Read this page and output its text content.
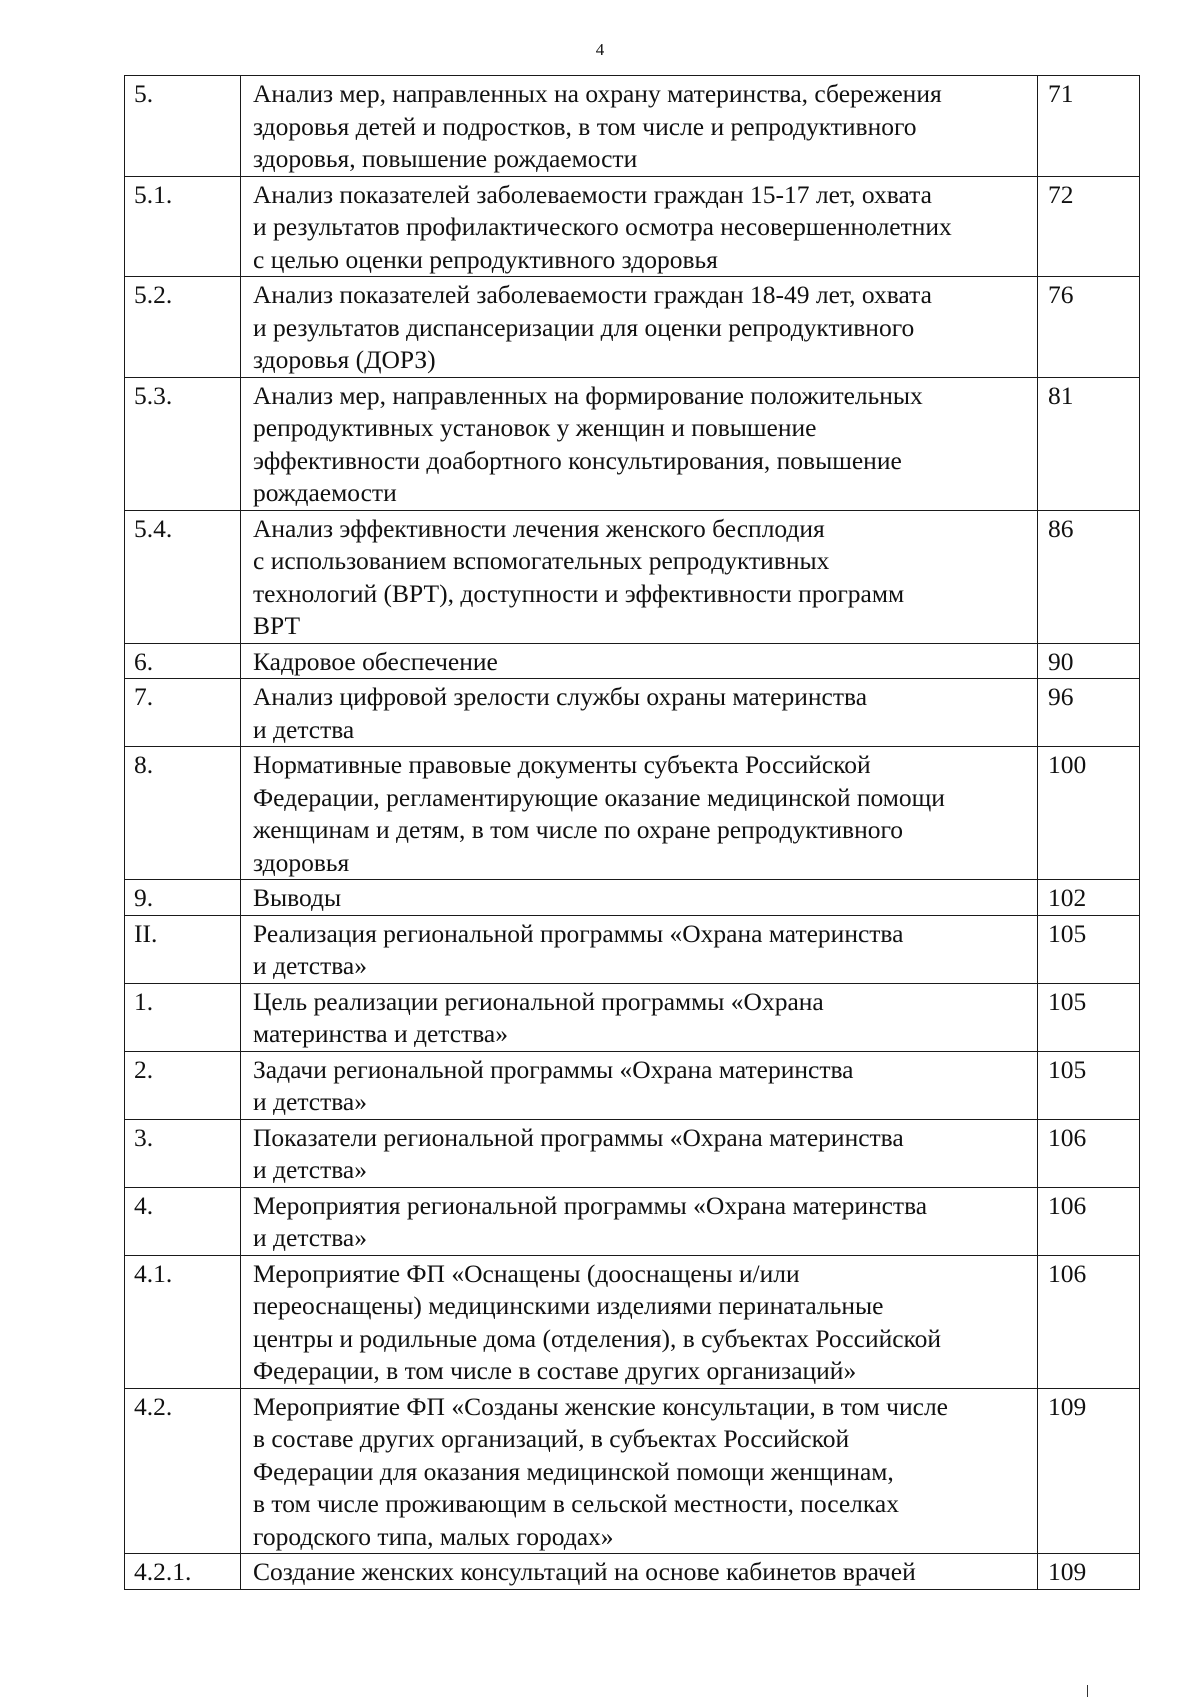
4
5.	Анализ мер, направленных на охрану материнства, сбережения
здоровья детей и подростков, в том числе и репродуктивного
здоровья, повышение рождаемости	71
5.1.	Анализ показателей заболеваемости граждан 15-17 лет, охвата
и результатов профилактического осмотра несовершеннолетних
с целью оценки репродуктивного здоровья	72
5.2.	Анализ показателей заболеваемости граждан 18-49 лет, охвата
и результатов диспансеризации для оценки репродуктивного
здоровья (ДОРЗ)	76
5.3.	Анализ мер, направленных на формирование положительных
репродуктивных установок у женщин и повышение
эффективности доабортного консультирования, повышение
рождаемости	81
5.4.	Анализ эффективности лечения женского бесплодия
с использованием вспомогательных репродуктивных
технологий (ВРТ), доступности и эффективности программ
ВРТ	86
6.	Кадровое обеспечение	90
7.	Анализ цифровой зрелости службы охраны материнства
и детства	96
8.	Нормативные правовые документы субъекта Российской
Федерации, регламентирующие оказание медицинской помощи
женщинам и детям, в том числе по охране репродуктивного
здоровья	100
9.	Выводы	102
II.	Реализация региональной программы «Охрана материнства
и детства»	105
1.	Цель реализации региональной программы «Охрана
материнства и детства»	105
2.	Задачи региональной программы «Охрана материнства
и детства»	105
3.	Показатели региональной программы «Охрана материнства
и детства»	106
4.	Мероприятия региональной программы «Охрана материнства
и детства»	106
4.1.	Мероприятие ФП «Оснащены (дооснащены и/или
переоснащены) медицинскими изделиями перинатальные
центры и родильные дома (отделения), в субъектах Российской
Федерации, в том числе в составе других организаций»	106
4.2.	Мероприятие ФП «Созданы женские консультации, в том числе
в составе других организаций, в субъектах Российской
Федерации для оказания медицинской помощи женщинам,
в том числе проживающим в сельской местности, поселках
городского типа, малых городах»	109
4.2.1.	Создание женских консультаций на основе кабинетов врачей	109
